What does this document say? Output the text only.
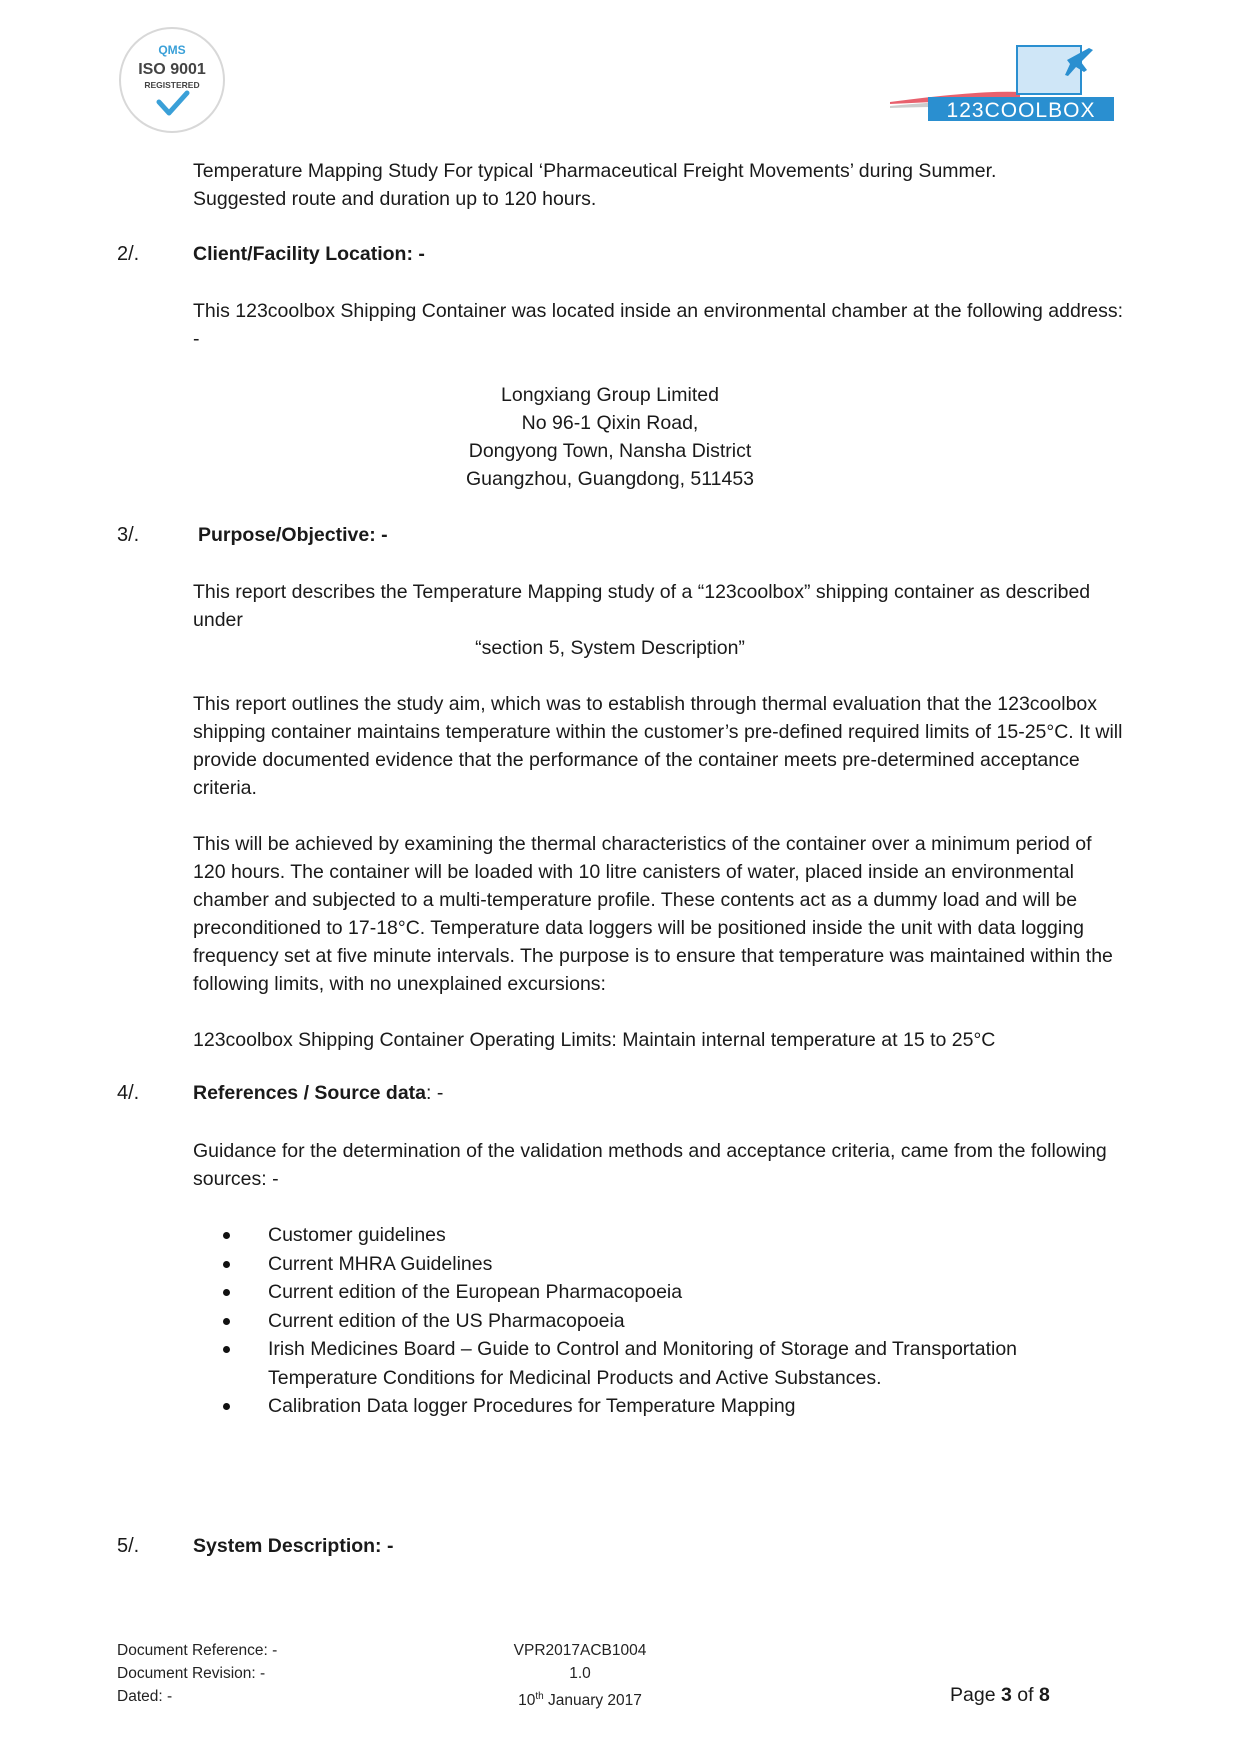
QMS
ISO 9001
REGISTERED
123COOLBOX

Temperature Mapping Study For typical ‘Pharmaceutical Freight Movements’ during Summer.

Suggested route and duration up to 120 hours.

2/.	Client/Facility Location: -

This 123coolbox Shipping Container was located inside an environmental chamber at the following address: -

Longxiang Group Limited

No 96-1 Qixin Road,

Dongyong Town, Nansha District

Guangzhou, Guangdong, 511453

3/.	Purpose/Objective: -

This report describes the Temperature Mapping study of a “123coolbox” shipping container as described under

“section 5, System Description”

This report outlines the study aim, which was to establish through thermal evaluation that the 123coolbox shipping container maintains temperature within the customer’s pre-defined required limits of 15-25°C. It will provide documented evidence that the performance of the container meets pre-determined acceptance criteria.

This will be achieved by examining the thermal characteristics of the container over a minimum period of 120 hours. The container will be loaded with 10 litre canisters of water, placed inside an environmental chamber and subjected to a multi-temperature profile. These contents act as a dummy load and will be preconditioned to 17-18°C. Temperature data loggers will be positioned inside the unit with data logging frequency set at five minute intervals. The purpose is to ensure that temperature was maintained within the following limits, with no unexplained excursions:

123coolbox Shipping Container Operating Limits: Maintain internal temperature at 15 to 25°C

4/.	References / Source data: -

Guidance for the determination of the validation methods and acceptance criteria, came from the following sources: -

Customer guidelines
Current MHRA Guidelines
Current edition of the European Pharmacopoeia
Current edition of the US Pharmacopoeia
Irish Medicines Board – Guide to Control and Monitoring of Storage and Transportation Temperature Conditions for Medicinal Products and Active Substances.
Calibration Data logger Procedures for Temperature Mapping
5/.	System Description: -
Document Reference: -
Document Revision: -
Dated: -
VPR2017ACB1004
1.0
10th January 2017	Page 3 of 8
